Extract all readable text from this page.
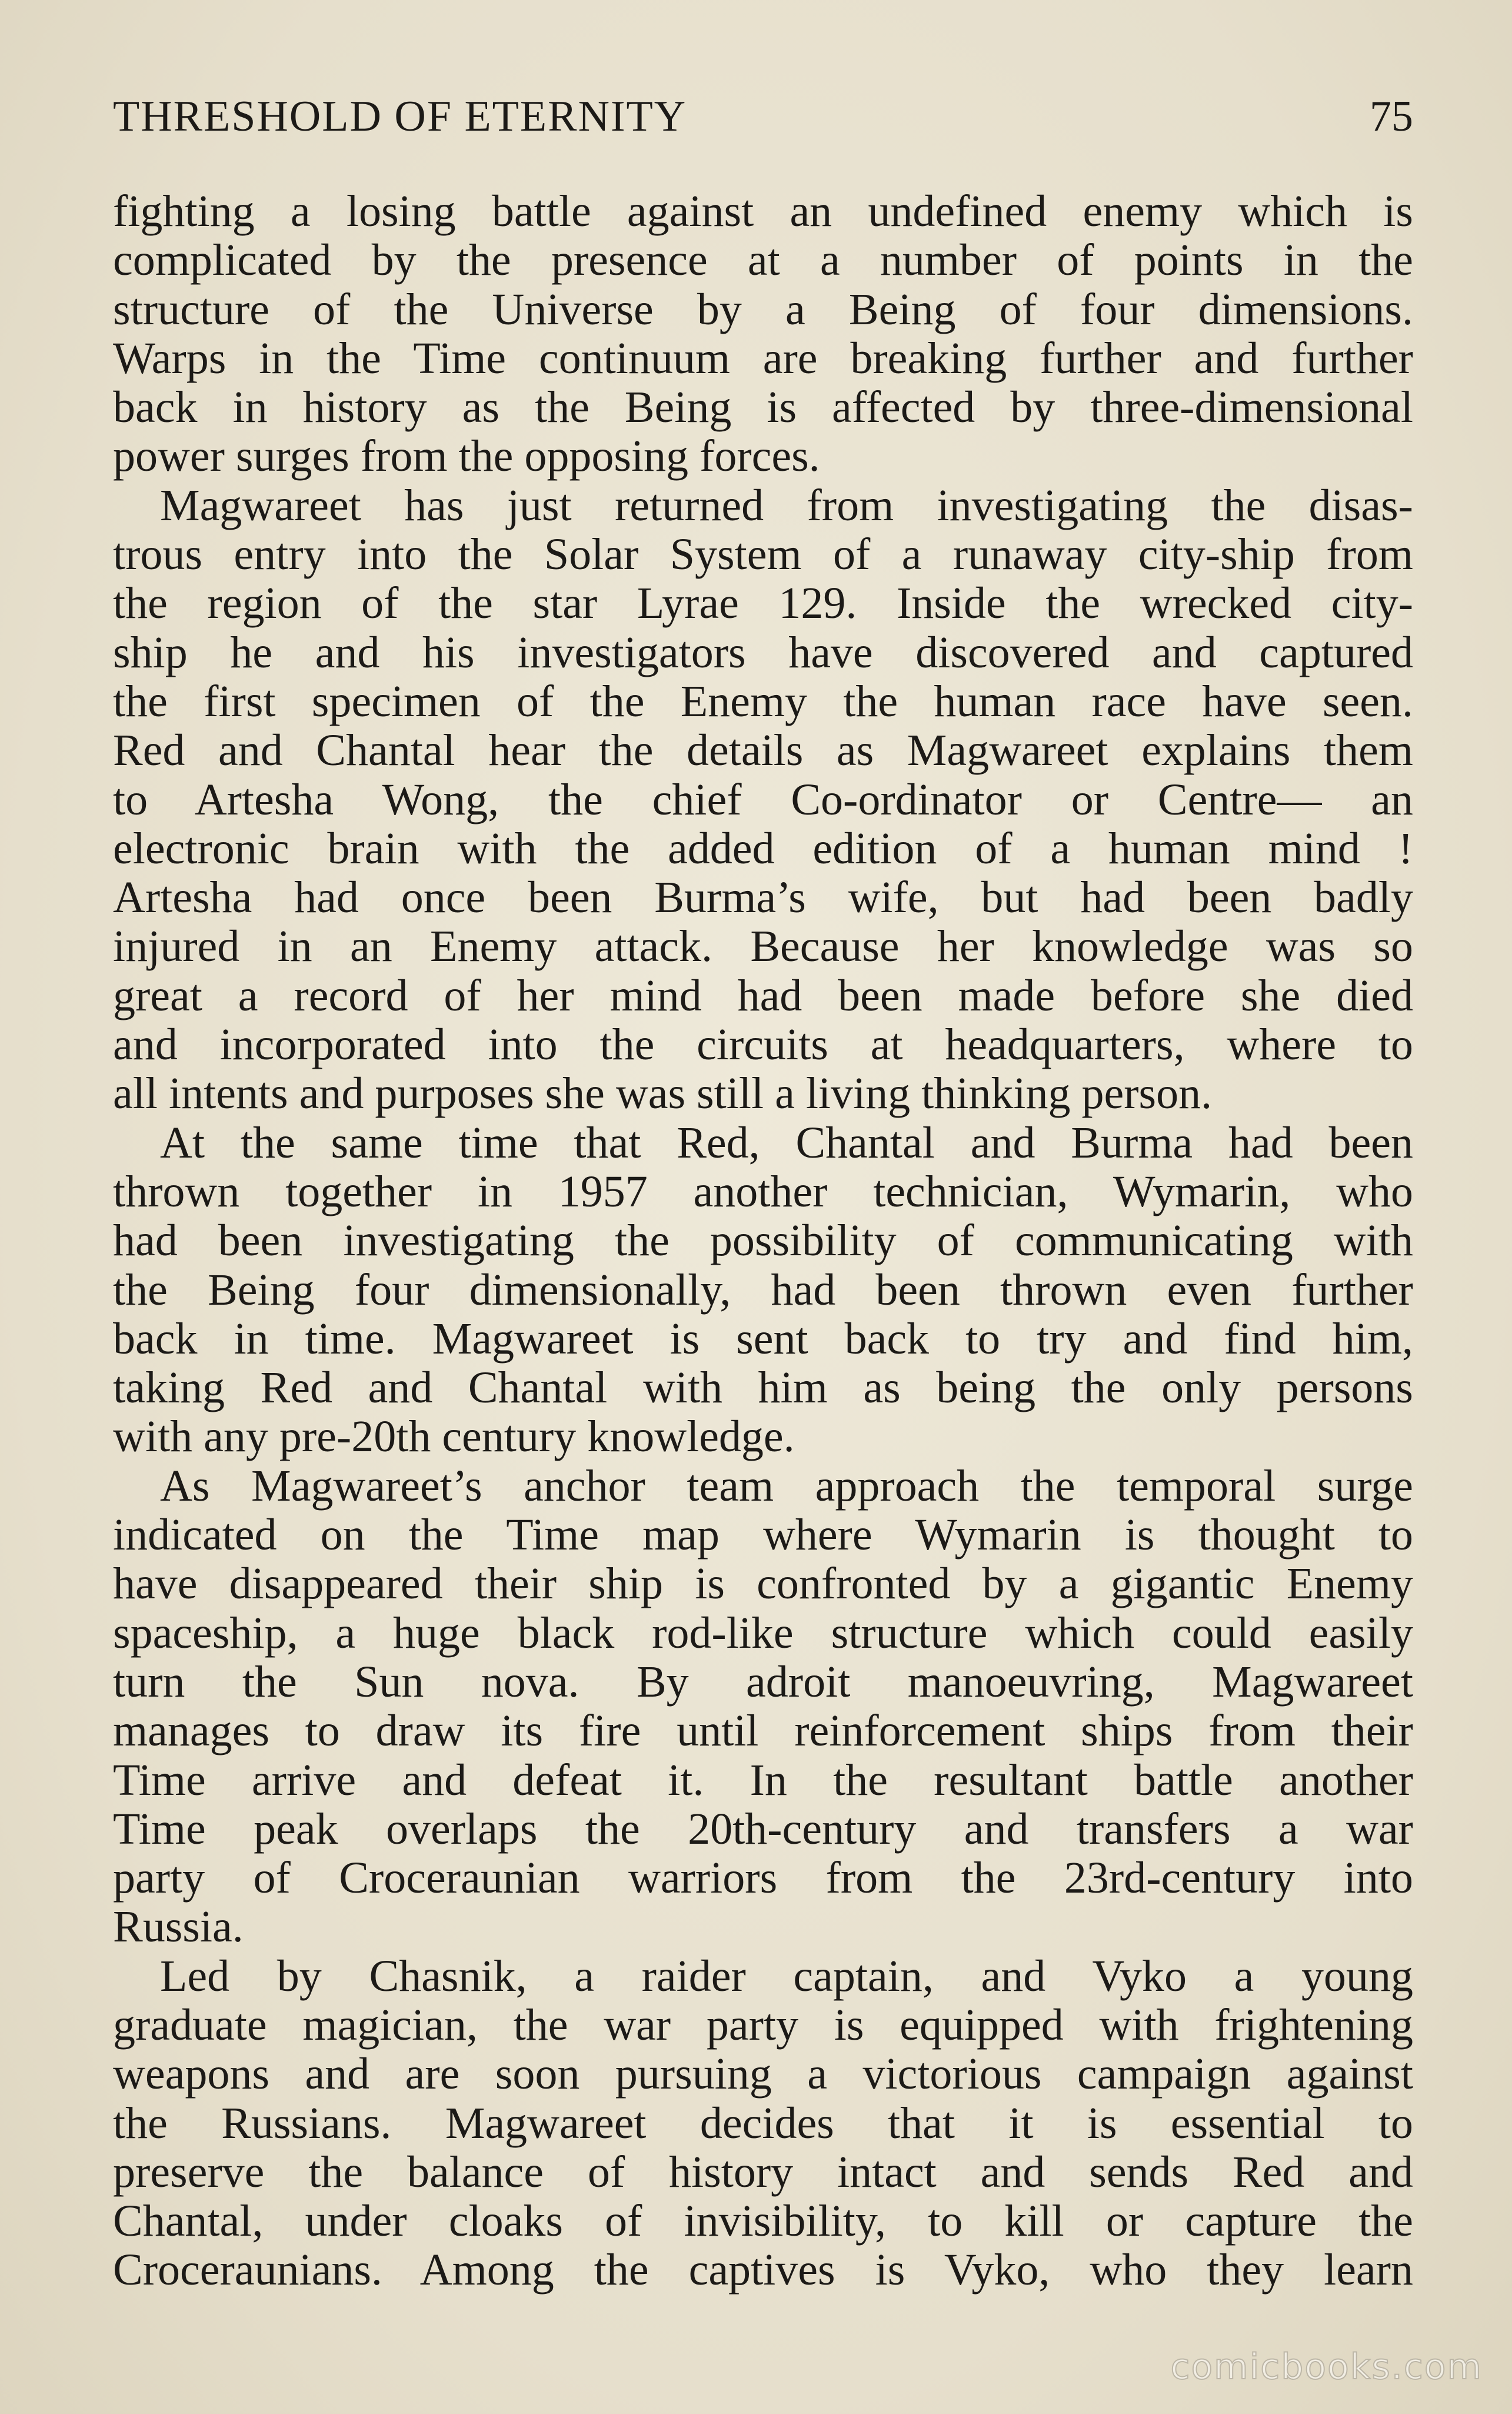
THRESHOLD OF ETERNITY	75

fighting a losing battle against an undefined enemy which is
complicated by the presence at a number of points in the
structure of the Universe by a Being of four dimensions.
Warps in the Time continuum are breaking further and further
back in history as the Being is affected by three-dimensional
power surges from the opposing forces.

Magwareet has just returned from investigating the disas-
trous entry into the Solar System of a runaway city-ship from
the region of the star Lyrae 129. Inside the wrecked city-
ship he and his investigators have discovered and captured
the first specimen of the Enemy the human race have seen.
Red and Chantal hear the details as Magwareet explains them
to Artesha Wong, the chief Co-ordinator or Centre— an
electronic brain with the added edition of a human mind !
Artesha had once been Burma’s wife, but had been badly
injured in an Enemy attack. Because her knowledge was so
great a record of her mind had been made before she died
and incorporated into the circuits at headquarters, where to
all intents and purposes she was still a living thinking person.

At the same time that Red, Chantal and Burma had been
thrown together in 1957 another technician, Wymarin, who
had been investigating the possibility of communicating with
the Being four dimensionally, had been thrown even further
back in time. Magwareet is sent back to try and find him,
taking Red and Chantal with him as being the only persons
with any pre-20th century knowledge.

As Magwareet’s anchor team approach the temporal surge
indicated on the Time map where Wymarin is thought to
have disappeared their ship is confronted by a gigantic Enemy
spaceship, a huge black rod-like structure which could easily
turn the Sun nova. By adroit manoeuvring, Magwareet
manages to draw its fire until reinforcement ships from their
Time arrive and defeat it. In the resultant battle another
Time peak overlaps the 20th-century and transfers a war
party of Croceraunian warriors from the 23rd-century into
Russia.

Led by Chasnik, a raider captain, and Vyko a young
graduate magician, the war party is equipped with frightening
weapons and are soon pursuing a victorious campaign against
the Russians. Magwareet decides that it is essential to
preserve the balance of history intact and sends Red and
Chantal, under cloaks of invisibility, to kill or capture the
Croceraunians. Among the captives is Vyko, who they learn

comicbooks.com
